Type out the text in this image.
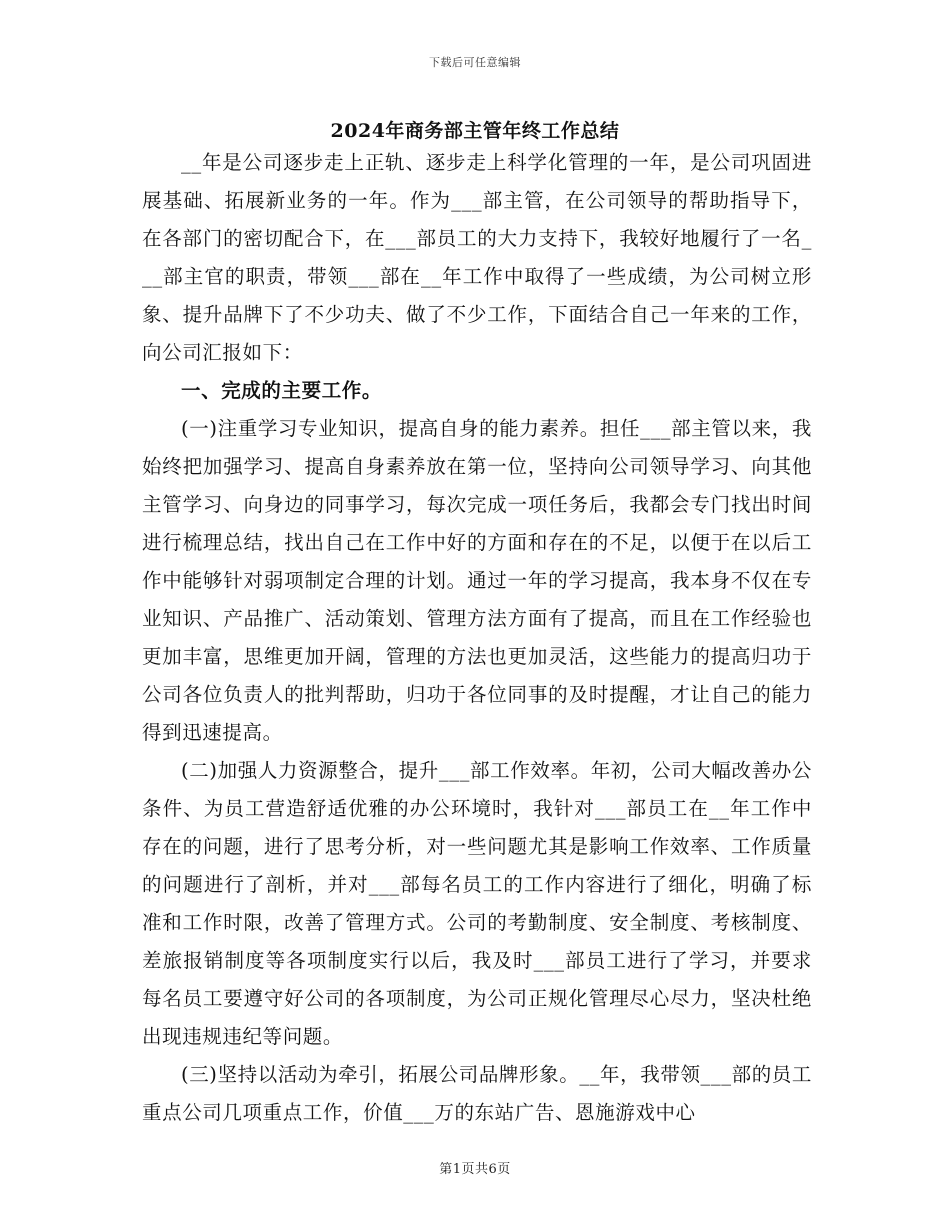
下载后可任意编辑
2024年商务部主管年终工作总结

__年是公司逐步走上正轨、逐步走上科学化管理的一年，是公司巩固进展基础、拓展新业务的一年。作为___部主管，在公司领导的帮助指导下，在各部门的密切配合下，在___部员工的大力支持下，我较好地履行了一名___部主官的职责，带领___部在__年工作中取得了一些成绩，为公司树立形象、提升品牌下了不少功夫、做了不少工作，下面结合自己一年来的工作，向公司汇报如下：

一、完成的主要工作。

(一)注重学习专业知识，提高自身的能力素养。担任___部主管以来，我始终把加强学习、提高自身素养放在第一位，坚持向公司领导学习、向其他主管学习、向身边的同事学习，每次完成一项任务后，我都会专门找出时间进行梳理总结，找出自己在工作中好的方面和存在的不足，以便于在以后工作中能够针对弱项制定合理的计划。通过一年的学习提高，我本身不仅在专业知识、产品推广、活动策划、管理方法方面有了提高，而且在工作经验也更加丰富，思维更加开阔，管理的方法也更加灵活，这些能力的提高归功于公司各位负责人的批判帮助，归功于各位同事的及时提醒，才让自己的能力得到迅速提高。

(二)加强人力资源整合，提升___部工作效率。年初，公司大幅改善办公条件、为员工营造舒适优雅的办公环境时，我针对___部员工在__年工作中存在的问题，进行了思考分析，对一些问题尤其是影响工作效率、工作质量的问题进行了剖析，并对___部每名员工的工作内容进行了细化，明确了标准和工作时限，改善了管理方式。公司的考勤制度、安全制度、考核制度、差旅报销制度等各项制度实行以后，我及时___部员工进行了学习，并要求每名员工要遵守好公司的各项制度，为公司正规化管理尽心尽力，坚决杜绝出现违规违纪等问题。

(三)坚持以活动为牵引，拓展公司品牌形象。__年，我带领___部的员工重点公司几项重点工作，价值___万的东站广告、恩施游戏中心

第1页共6页
